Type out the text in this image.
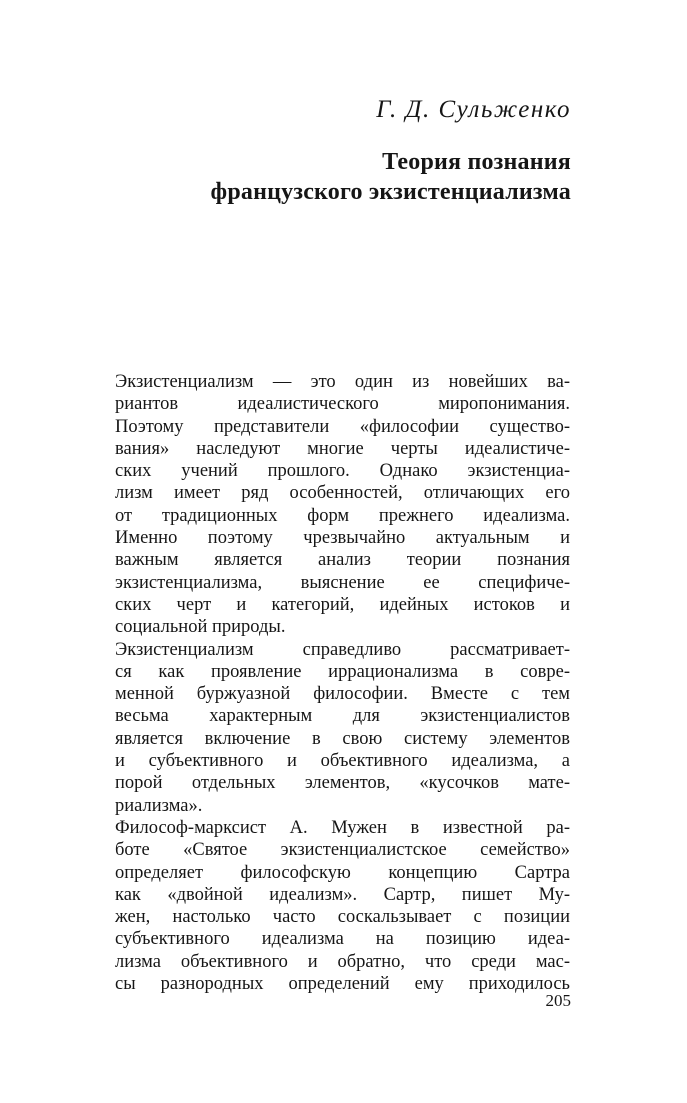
Г. Д. Сульженко
Теория познания
французского экзистенциализма
Экзистенциализм — это один из новейших ва-
риантов идеалистического миропонимания.
Поэтому представители «философии существо-
вания» наследуют многие черты идеалистиче-
ских учений прошлого. Однако экзистенциа-
лизм имеет ряд особенностей, отличающих его
от традиционных форм прежнего идеализма.
Именно поэтому чрезвычайно актуальным и
важным является анализ теории познания
экзистенциализма, выяснение ее специфиче-
ских черт и категорий, идейных истоков и
социальной природы.
Экзистенциализм справедливо рассматривает-
ся как проявление иррационализма в совре-
менной буржуазной философии. Вместе с тем
весьма характерным для экзистенциалистов
является включение в свою систему элементов
и субъективного и объективного идеализма, а
порой отдельных элементов, «кусочков мате-
риализма».
Философ-марксист А. Мужен в известной ра-
боте «Святое экзистенциалистское семейство»
определяет философскую концепцию Сартра
как «двойной идеализм». Сартр, пишет Му-
жен, настолько часто соскальзывает с позиции
субъективного идеализма на позицию идеа-
лизма объективного и обратно, что среди мас-
сы разнородных определений ему приходилось
205
